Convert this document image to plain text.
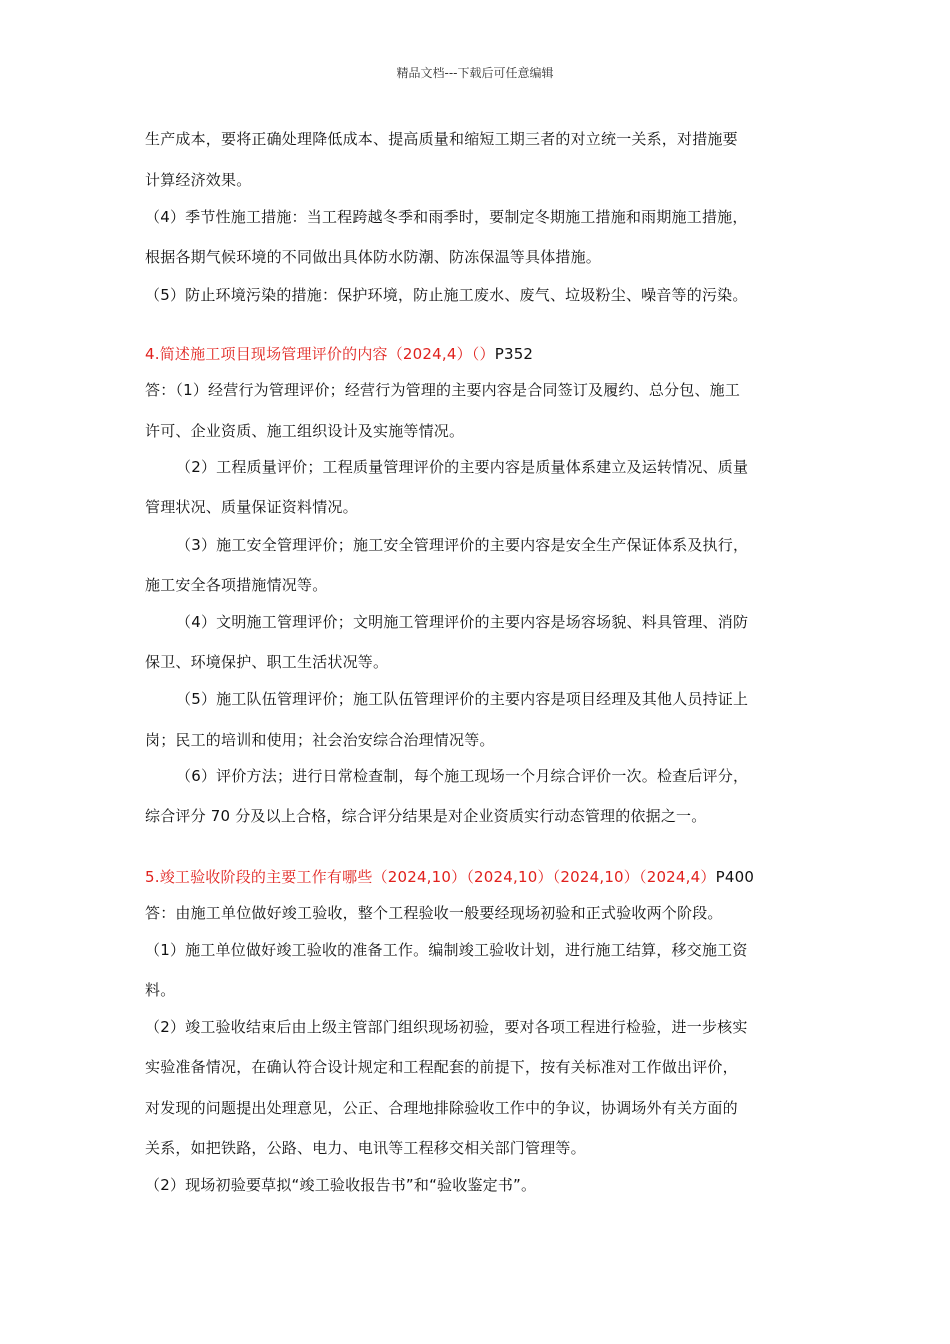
精品文档---下载后可任意编辑
生产成本，要将正确处理降低成本、提高质量和缩短工期三者的对立统一关系，对措施要
计算经济效果。
（4）季节性施工措施：当工程跨越冬季和雨季时，要制定冬期施工措施和雨期施工措施，
根据各期气候环境的不同做出具体防水防潮、防冻保温等具体措施。
（5）防止环境污染的措施：保护环境，防止施工废水、废气、垃圾粉尘、噪音等的污染。
4.简述施工项目现场管理评价的内容（2024,4）（）P352
答：（1）经营行为管理评价；经营行为管理的主要内容是合同签订及履约、总分包、施工
许可、企业资质、施工组织设计及实施等情况。
（2）工程质量评价；工程质量管理评价的主要内容是质量体系建立及运转情况、质量
管理状况、质量保证资料情况。
（3）施工安全管理评价；施工安全管理评价的主要内容是安全生产保证体系及执行，
施工安全各项措施情况等。
（4）文明施工管理评价；文明施工管理评价的主要内容是场容场貌、料具管理、消防
保卫、环境保护、职工生活状况等。
（5）施工队伍管理评价；施工队伍管理评价的主要内容是项目经理及其他人员持证上
岗；民工的培训和使用；社会治安综合治理情况等。
（6）评价方法；进行日常检查制，每个施工现场一个月综合评价一次。检查后评分，
综合评分 70 分及以上合格，综合评分结果是对企业资质实行动态管理的依据之一。
5.竣工验收阶段的主要工作有哪些（2024,10）（2024,10）（2024,10）（2024,4）P400
答：由施工单位做好竣工验收，整个工程验收一般要经现场初验和正式验收两个阶段。
（1）施工单位做好竣工验收的准备工作。编制竣工验收计划，进行施工结算，移交施工资
料。
（2）竣工验收结束后由上级主管部门组织现场初验，要对各项工程进行检验，进一步核实
实验准备情况，在确认符合设计规定和工程配套的前提下，按有关标准对工作做出评价，
对发现的问题提出处理意见，公正、合理地排除验收工作中的争议，协调场外有关方面的
关系，如把铁路，公路、电力、电讯等工程移交相关部门管理等。
（2）现场初验要草拟“竣工验收报告书”和“验收鉴定书”。
